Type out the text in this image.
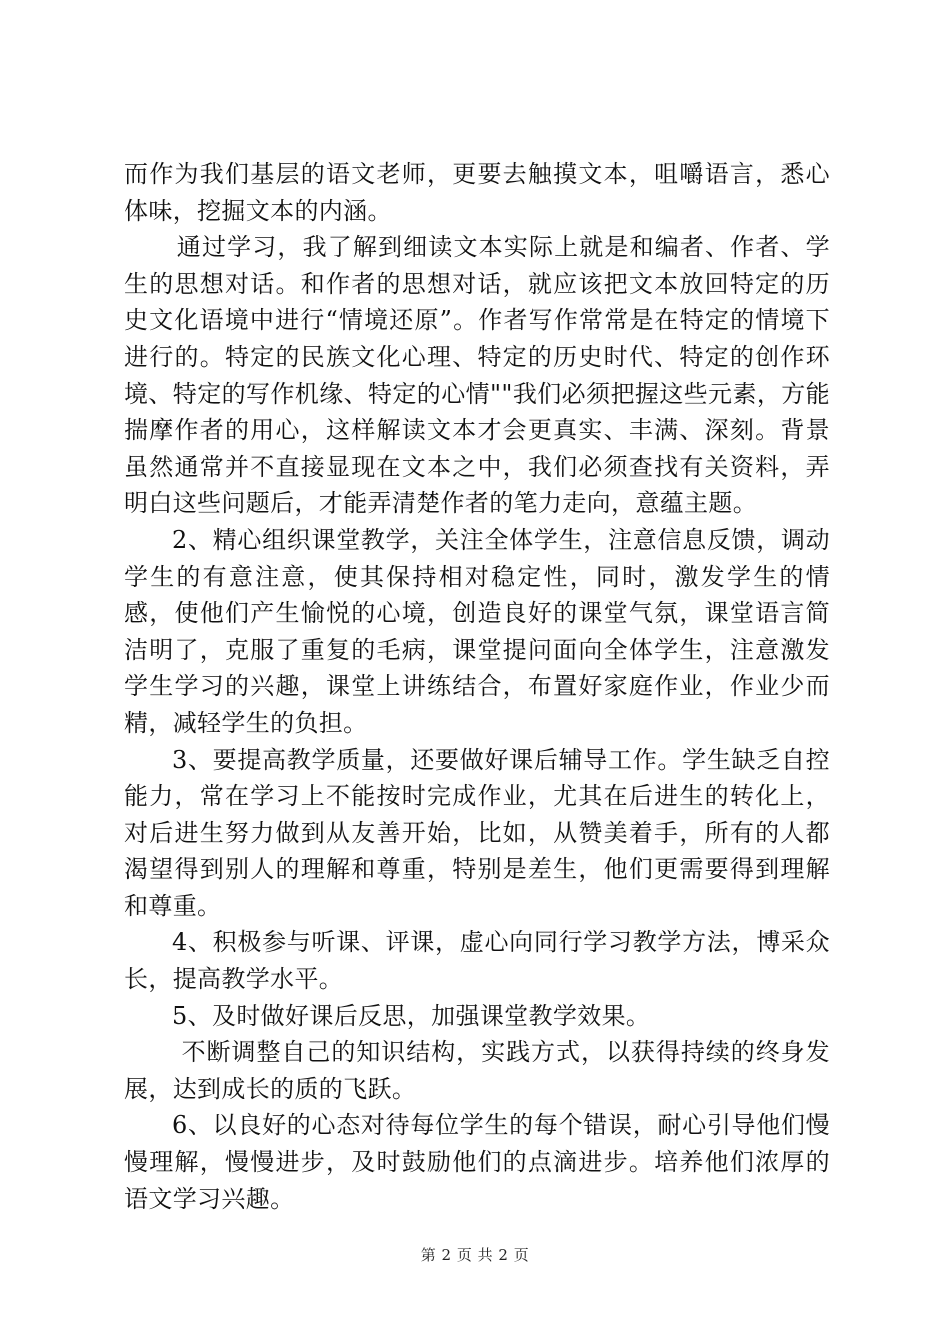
而作为我们基层的语文老师，更要去触摸文本，咀嚼语言，悉心体味，挖掘文本的内涵。

通过学习，我了解到细读文本实际上就是和编者、作者、学生的思想对话。和作者的思想对话，就应该把文本放回特定的历史文化语境中进行“情境还原”。作者写作常常是在特定的情境下进行的。特定的民族文化心理、特定的历史时代、特定的创作环境、特定的写作机缘、特定的心情""我们必须把握这些元素，方能揣摩作者的用心，这样解读文本才会更真实、丰满、深刻。背景虽然通常并不直接显现在文本之中，我们必须查找有关资料，弄明白这些问题后，才能弄清楚作者的笔力走向，意蕴主题。

2、精心组织课堂教学，关注全体学生，注意信息反馈，调动学生的有意注意，使其保持相对稳定性，同时，激发学生的情感，使他们产生愉悦的心境，创造良好的课堂气氛，课堂语言简洁明了，克服了重复的毛病，课堂提问面向全体学生，注意激发学生学习的兴趣，课堂上讲练结合，布置好家庭作业，作业少而精，减轻学生的负担。

3、要提高教学质量，还要做好课后辅导工作。学生缺乏自控能力，常在学习上不能按时完成作业，尤其在后进生的转化上，对后进生努力做到从友善开始，比如，从赞美着手，所有的人都渴望得到别人的理解和尊重，特别是差生，他们更需要得到理解和尊重。

4、积极参与听课、评课，虚心向同行学习教学方法，博采众长，提高教学水平。

5、及时做好课后反思，加强课堂教学效果。

不断调整自己的知识结构，实践方式，以获得持续的终身发展，达到成长的质的飞跃。

6、以良好的心态对待每位学生的每个错误，耐心引导他们慢慢理解，慢慢进步，及时鼓励他们的点滴进步。培养他们浓厚的语文学习兴趣。

第 2 页 共 2 页
